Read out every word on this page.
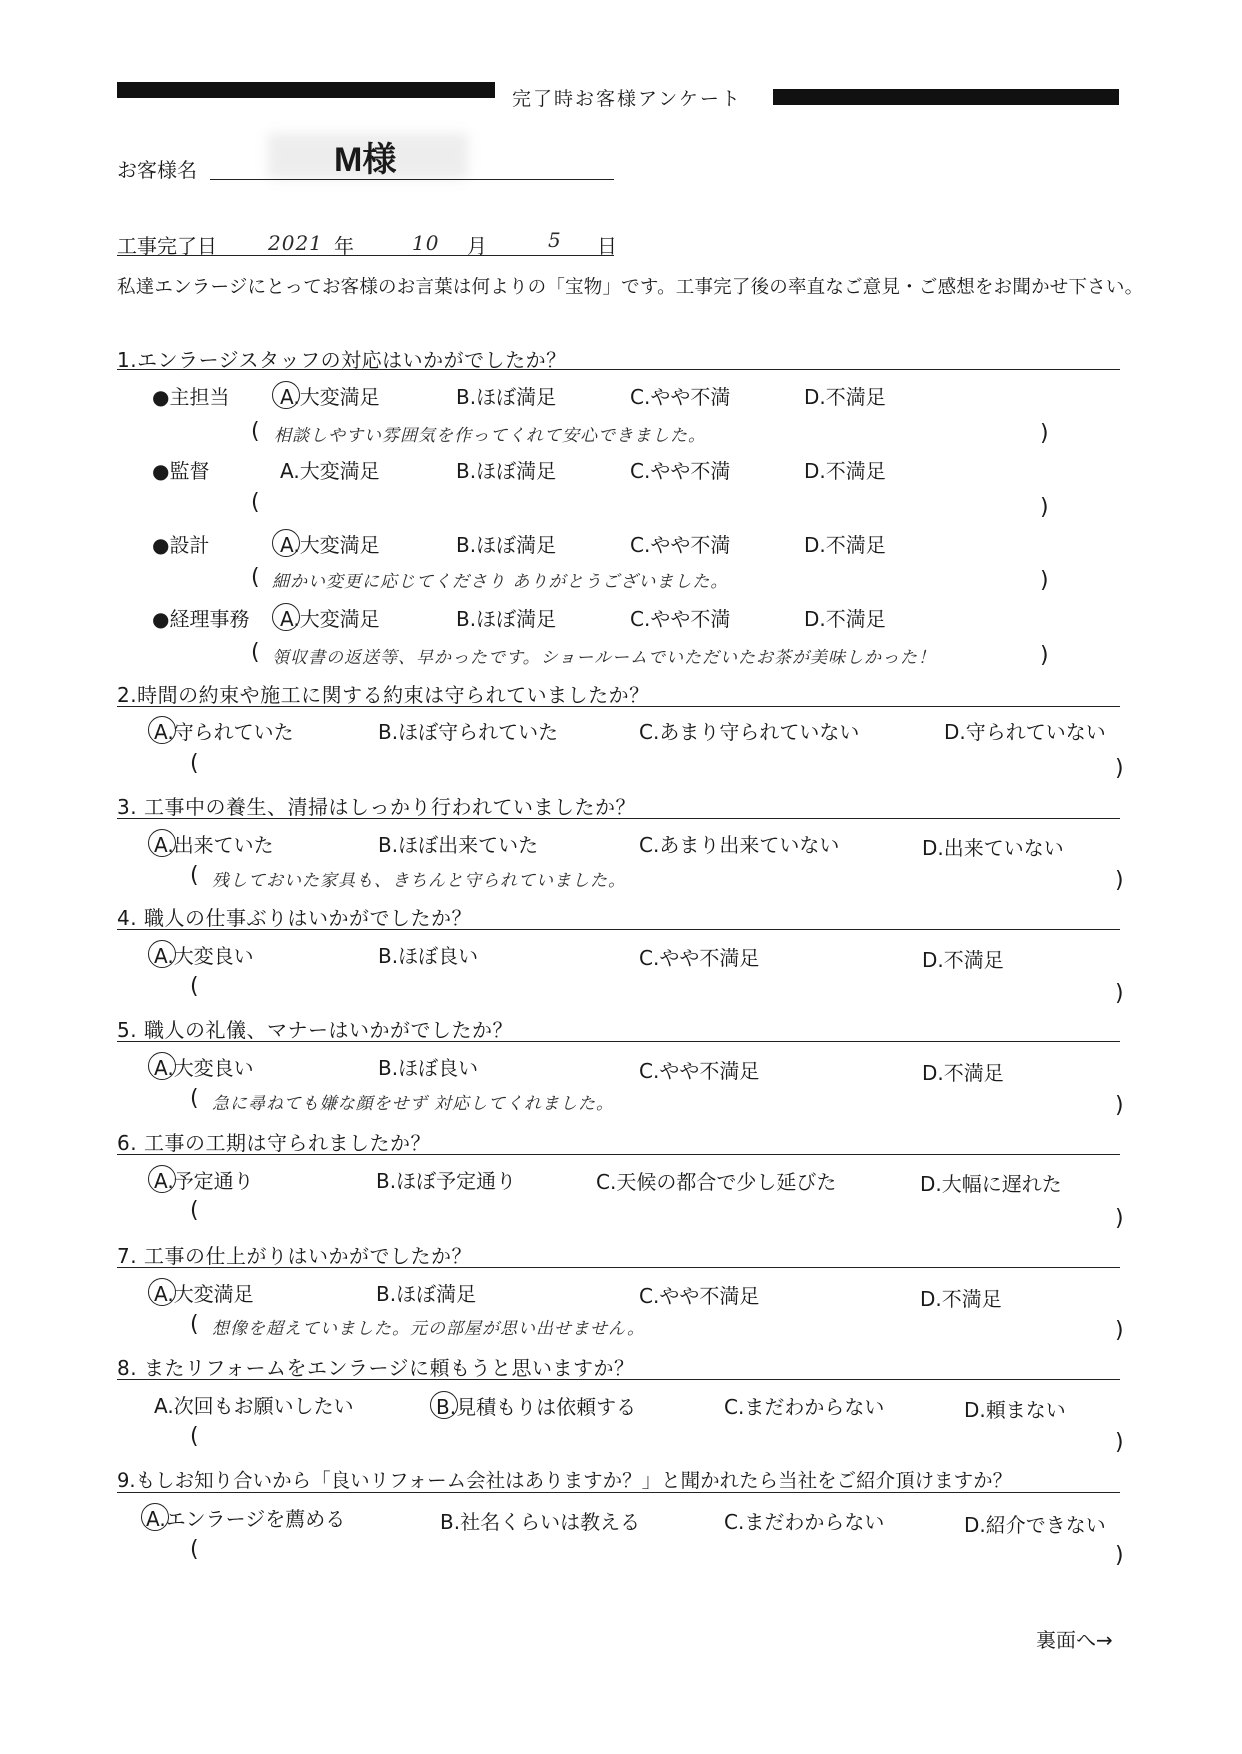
完了時お客様アンケート
お客様名	M様
工事完了日	2021 年	10 月	5 日
私達エンラージにとってお客様のお言葉は何よりの「宝物」です。工事完了後の率直なご意見・ご感想をお聞かせ下さい。
1.エンラージスタッフの対応はいかがでしたか？
●主担当	A.大変満足	B.ほぼ満足	C.やや不満	D.不満足
( 相談しやすい雰囲気を作ってくれて安心できました。	)
●監督	A.大変満足	B.ほぼ満足	C.やや不満	D.不満足
(	)
●設計	A.大変満足	B.ほぼ満足	C.やや不満	D.不満足
( 細かい変更に応じてくださり ありがとうございました。	)
●経理事務 A.大変満足	B.ほぼ満足	C.やや不満	D.不満足
( 領収書の返送等、早かったです。ショールームでいただいたお茶が美味しかった！	)
2.時間の約束や施工に関する約束は守られていましたか？
A.守られていた	B.ほぼ守られていた	C.あまり守られていない	D.守られていない
(	)
3. 工事中の養生、清掃はしっかり行われていましたか？
A.出来ていた	B.ほぼ出来ていた	C.あまり出来ていない	D.出来ていない
( 残しておいた家具も、きちんと守られていました。	)
4. 職人の仕事ぶりはいかがでしたか？
A.大変良い	B.ほぼ良い	C.やや不満足	D.不満足
(	)
5. 職人の礼儀、マナーはいかがでしたか？
A.大変良い	B.ほぼ良い	C.やや不満足	D.不満足
( 急に尋ねても嫌な顔をせず 対応してくれました。	)
6. 工事の工期は守られましたか？
A.予定通り	B.ほぼ予定通り	C.天候の都合で少し延びた	D.大幅に遅れた
(	)
7. 工事の仕上がりはいかがでしたか？
A.大変満足	B.ほぼ満足	C.やや不満足	D.不満足
( 想像を超えていました。元の部屋が思い出せません。	)
8. またリフォームをエンラージに頼もうと思いますか？
A.次回もお願いしたい	B.見積もりは依頼する	C.まだわからない	D.頼まない
(	)
9.もしお知り合いから「良いリフォーム会社はありますか？」と聞かれたら当社をご紹介頂けますか？
A.エンラージを薦める	B.社名くらいは教える	C.まだわからない	D.紹介できない
(	)
裏面へ→
